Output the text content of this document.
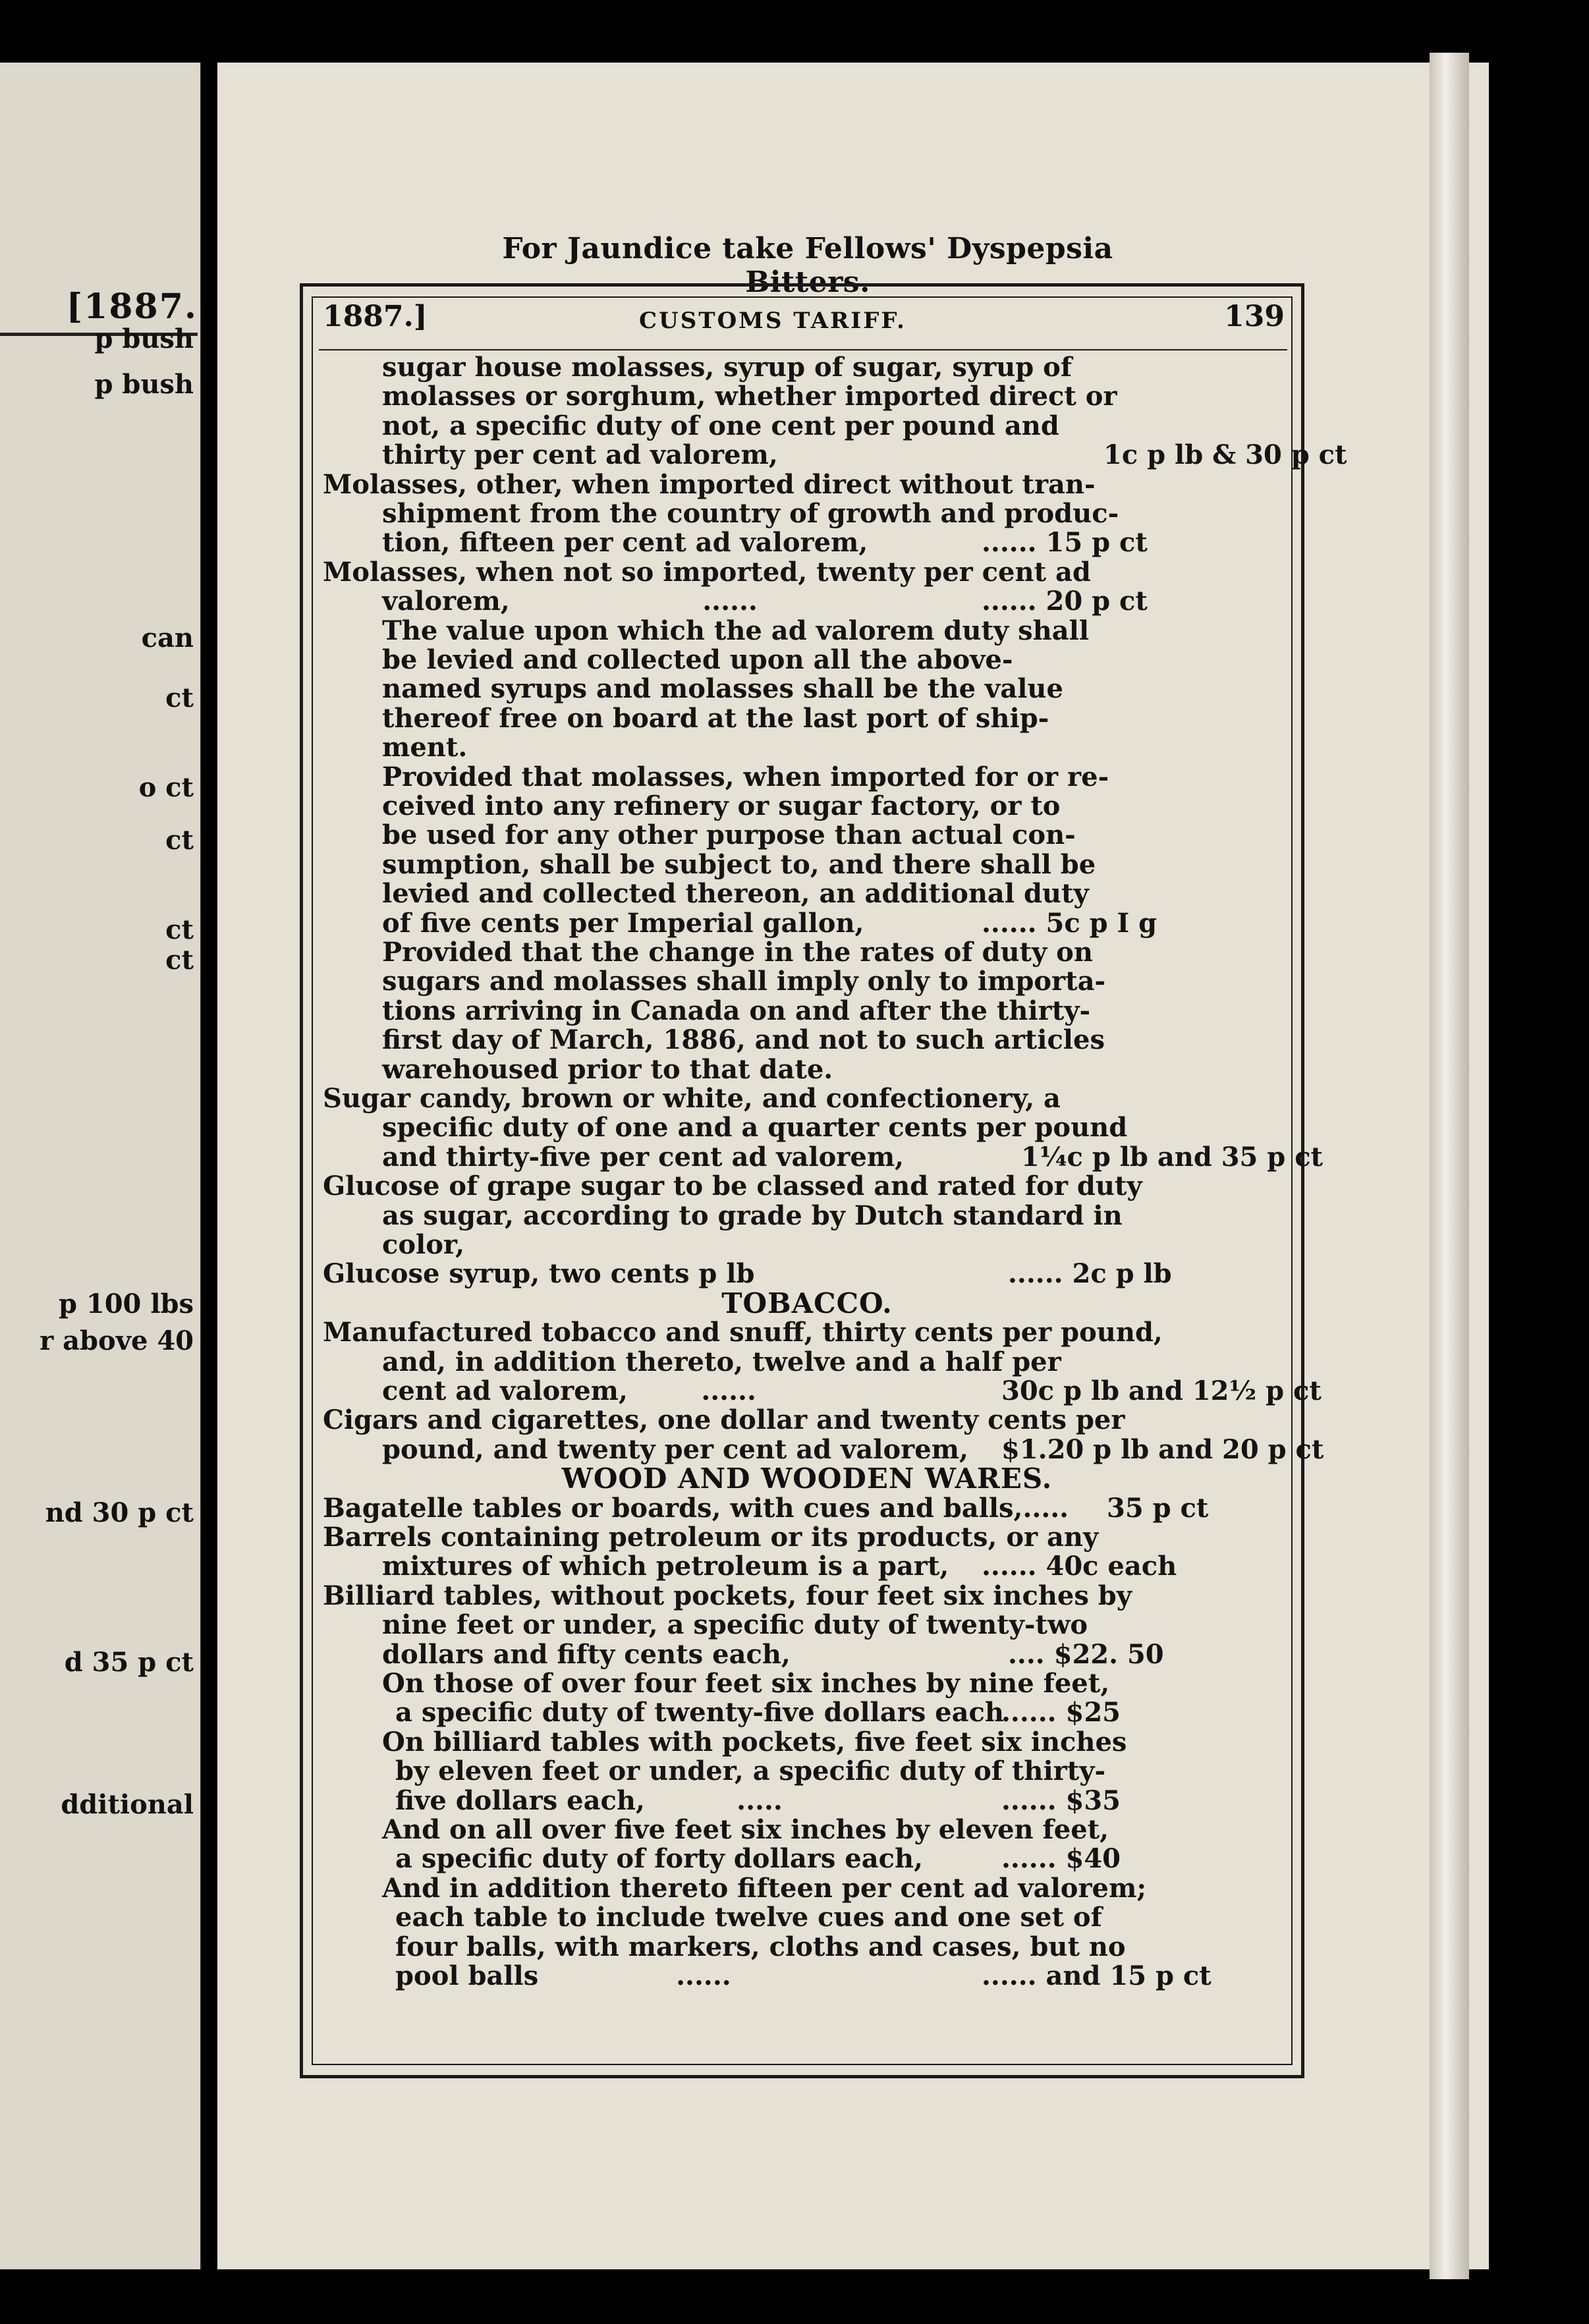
[1887.
p bush
p bush
can
ct
o ct
ct
ct
ct
p 100 lbs
r above 40
nd 30 p ct
d 35 p ct
dditional
For Jaundice take Fellows' Dyspepsia Bitters.
1887.]	CUSTOMS TARIFF.	139
sugar house molasses, syrup of sugar, syrup of
molasses or sorghum, whether imported direct or
not, a specific duty of one cent per pound and
thirty per cent ad valorem,	1c p lb & 30 p ct
Molasses, other, when imported direct without tran-
shipment from the country of growth and produc-
tion, fifteen per cent ad valorem,	...... 15 p ct
Molasses, when not so imported, twenty per cent ad
valorem,                     ......	...... 20 p ct
The value upon which the ad valorem duty shall
be levied and collected upon all the above-
named syrups and molasses shall be the value
thereof free on board at the last port of ship-
ment.
Provided that molasses, when imported for or re-
ceived into any refinery or sugar factory, or to
be used for any other purpose than actual con-
sumption, shall be subject to, and there shall be
levied and collected thereon, an additional duty
of five cents per Imperial gallon,	...... 5c p I g
Provided that the change in the rates of duty on
sugars and molasses shall imply only to importa-
tions arriving in Canada on and after the thirty-
first day of March, 1886, and not to such articles
warehoused prior to that date.
Sugar candy, brown or white, and confectionery, a
specific duty of one and a quarter cents per pound
and thirty-five per cent ad valorem,	1¼c p lb and 35 p ct
Glucose of grape sugar to be classed and rated for duty
as sugar, according to grade by Dutch standard in
color,
Glucose syrup, two cents p lb	...... 2c p lb
TOBACCO.
Manufactured tobacco and snuff, thirty cents per pound,
and, in addition thereto, twelve and a half per
cent ad valorem,        ......	30c p lb and 12½ p ct
Cigars and cigarettes, one dollar and twenty cents per
pound, and twenty per cent ad valorem, $1.20 p lb and 20 p ct
WOOD AND WOODEN WARES.
Bagatelle tables or boards, with cues and balls,..... 35 p ct
Barrels containing petroleum or its products, or any
mixtures of which petroleum is a part, ...... 40c each
Billiard tables, without pockets, four feet six inches by
nine feet or under, a specific duty of twenty-two
dollars and fifty cents each,	.... $22. 50
On those of over four feet six inches by nine feet,
a specific duty of twenty-five dollars each
...... $25
On billiard tables with pockets, five feet six inches
by eleven feet or under, a specific duty of thirty-
five dollars each,          .....	...... $35
And on all over five feet six inches by eleven feet,
a specific duty of forty dollars each,	...... $40
And in addition thereto fifteen per cent ad valorem;
each table to include twelve cues and one set of
four balls, with markers, cloths and cases, but no
pool balls               ......	...... and 15 p ct
